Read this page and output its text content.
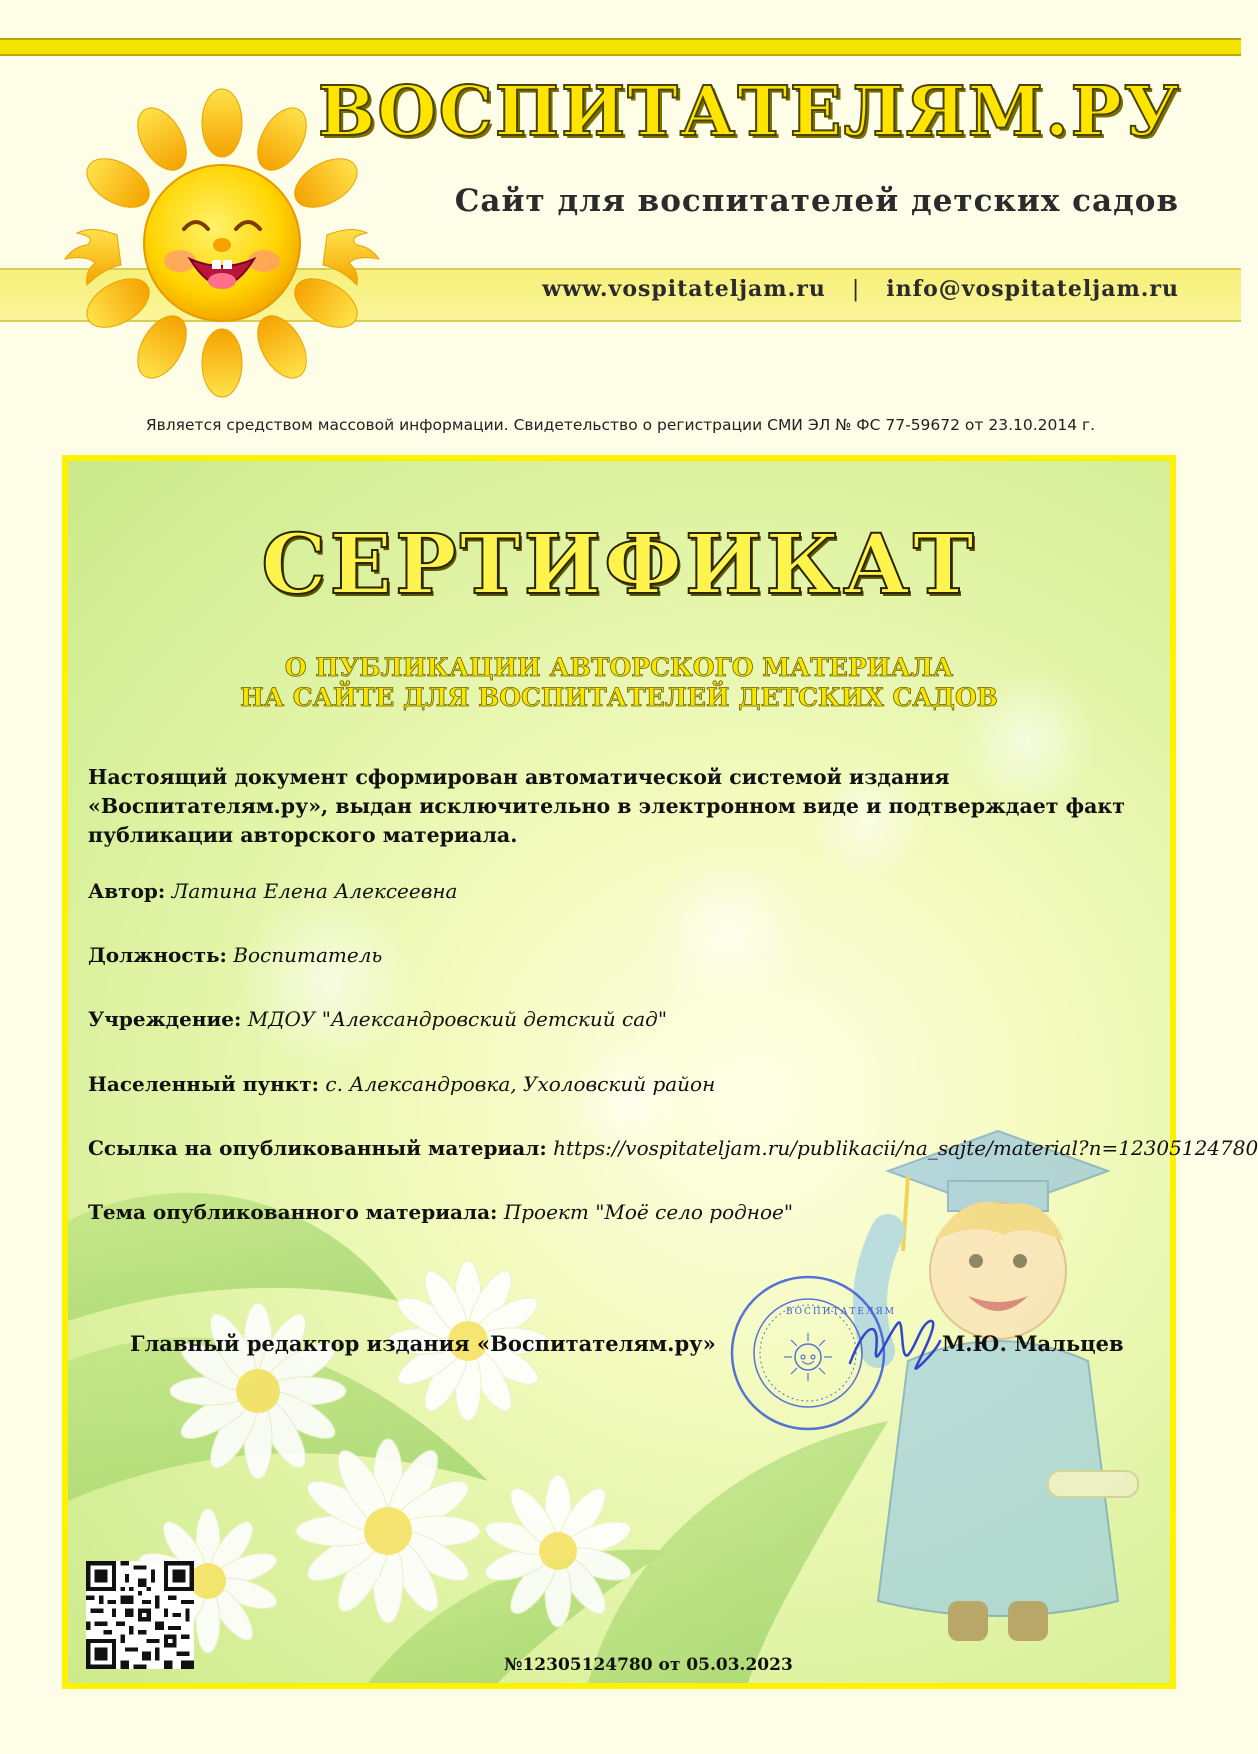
ВОСПИТАТЕЛЯМ.РУ
Сайт для воспитателей детских садов
www.vospitateljam.ru | info@vospitateljam.ru
Является средством массовой информации. Свидетельство о регистрации СМИ ЭЛ № ФС 77-59672 от 23.10.2014 г.
СЕРТИФИКАТ
О ПУБЛИКАЦИИ АВТОРСКОГО МАТЕРИАЛА
НА САЙТЕ ДЛЯ ВОСПИТАТЕЛЕЙ ДЕТСКИХ САДОВ
Настоящий документ сформирован автоматической системой издания «Воспитателям.ру», выдан исключительно в электронном виде и подтверждает факт публикации авторского материала.
Автор: Латина Елена Алексеевна
Должность: Воспитатель
Учреждение: МДОУ "Александровский детский сад"
Населенный пункт: с. Александровка, Ухоловский район
Ссылка на опубликованный материал: https://vospitateljam.ru/publikacii/na_sajte/material?n=12305124780
Тема опубликованного материала: Проект "Моё село родное"
ВОСПИТАТЕЛЯМ
Главный редактор издания «Воспитателям.ру»	М.Ю. Мальцев
№12305124780 от 05.03.2023
